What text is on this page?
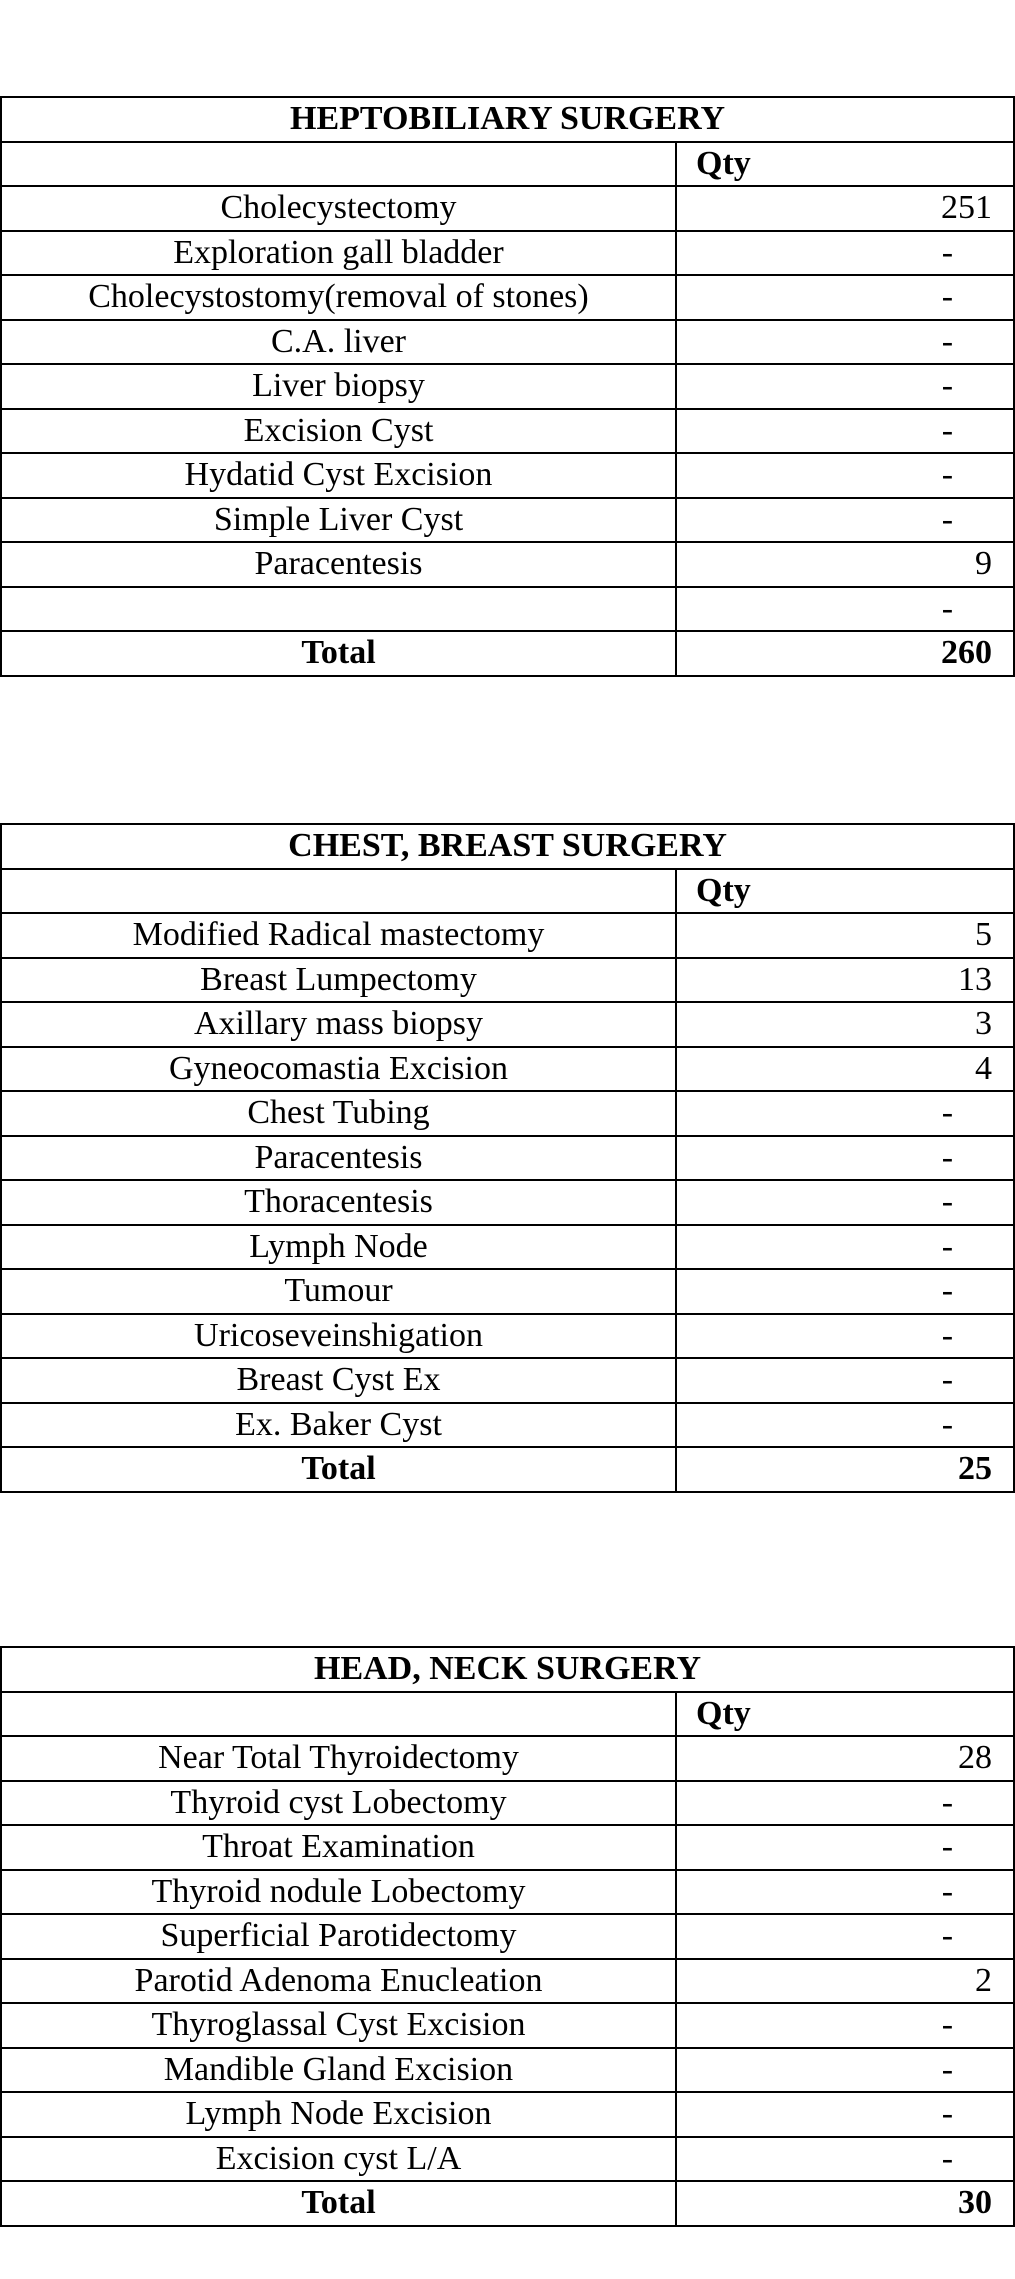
HEPTOBILIARY SURGERY	
	Qty
Cholecystectomy	251
Exploration gall bladder	-
Cholecystostomy(removal of stones)	-
C.A. liver	-
Liver biopsy	-
Excision Cyst	-
Hydatid Cyst Excision	-
Simple Liver Cyst	-
Paracentesis	9
	-
Total	260
CHEST, BREAST SURGERY	
	Qty
Modified Radical mastectomy	5
Breast Lumpectomy	13
Axillary mass biopsy	3
Gyneocomastia Excision	4
Chest Tubing	-
Paracentesis	-
Thoracentesis	-
Lymph Node	-
Tumour	-
Uricoseveinshigation	-
Breast Cyst Ex	-
Ex. Baker Cyst	-
Total	25
HEAD, NECK SURGERY	
	Qty
Near Total Thyroidectomy	28
Thyroid cyst Lobectomy	-
Throat Examination	-
Thyroid nodule Lobectomy	-
Superficial Parotidectomy	-
Parotid Adenoma Enucleation	2
Thyroglassal Cyst Excision	-
Mandible Gland Excision	-
Lymph Node Excision	-
Excision cyst L/A	-
Total	30
